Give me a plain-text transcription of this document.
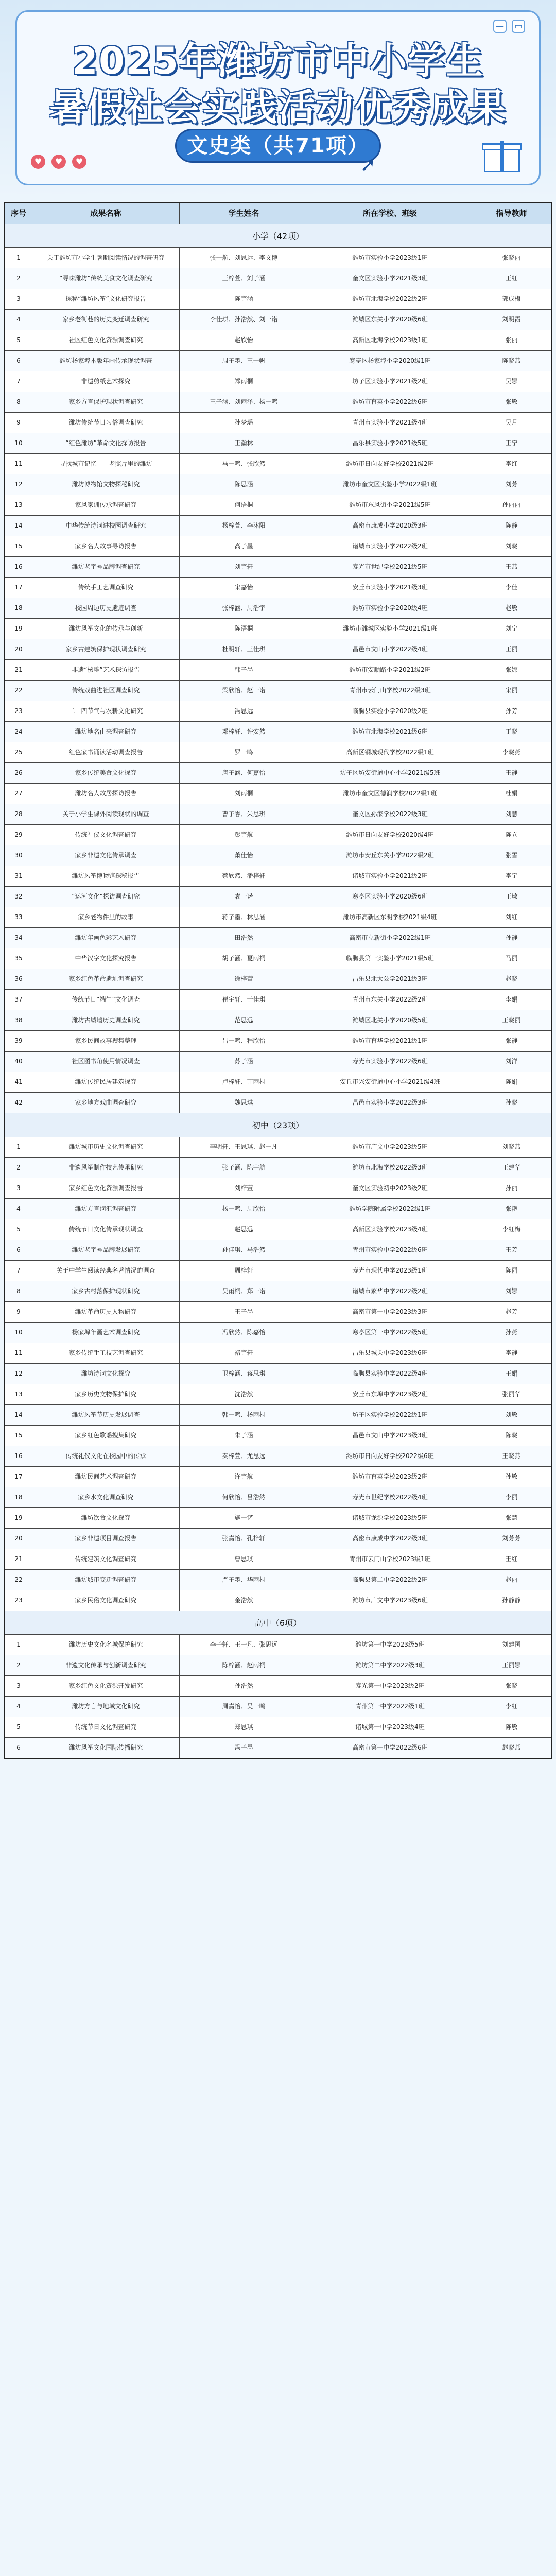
—	▭
2025年潍坊市中小学生
暑假社会实践活动优秀成果
文史类（共71项）
➚
♥	♥	♥
序号	成果名称	学生姓名	所在学校、班级	指导教师
小学（42项）
1	关于潍坊市小学生暑期阅读情况的调查研究	张一航、刘思远、李文博	潍坊市实验小学2023级1班	张晓丽
2	“寻味潍坊”传统美食文化调查研究	王梓萱、刘子涵	奎文区实验小学2021级3班	王红
3	探秘“潍坊风筝”文化研究报告	陈宇涵	潍坊市北海学校2022级2班	郭成梅
4	家乡老街巷的历史变迁调查研究	李佳琪、孙浩然、刘一诺	潍城区东关小学2020级6班	刘明霞
5	社区红色文化资源调查研究	赵欣怡	高新区北海学校2023级1班	张丽
6	潍坊杨家埠木版年画传承现状调查	周子墨、王一帆	寒亭区杨家埠小学2020级1班	陈晓燕
7	非遗剪纸艺术探究	郑雨桐	坊子区实验小学2021级2班	吴娜
8	家乡方言保护现状调查研究	王子涵、刘雨泽、杨一鸣	潍坊市育英小学2022级6班	张敏
9	潍坊传统节日习俗调查研究	孙梦瑶	青州市实验小学2021级4班	吴月
10	“红色潍坊”革命文化探访报告	王瀚林	昌乐县实验小学2021级5班	王宁
11	寻找城市记忆——老照片里的潍坊	马一鸣、张欣然	潍坊市日向友好学校2021级2班	李红
12	潍坊博物馆文物探秘研究	陈思涵	潍坊市奎文区实验小学2022级1班	刘芳
13	家风家训传承调查研究	何语桐	潍坊市东风街小学2021级5班	孙丽丽
14	中华传统诗词进校园调查研究	杨梓萱、李沐阳	高密市康成小学2020级3班	陈静
15	家乡名人故事寻访报告	高子墨	诸城市实验小学2022级2班	刘晓
16	潍坊老字号品牌调查研究	刘宇轩	寿光市世纪学校2021级5班	王燕
17	传统手工艺调查研究	宋嘉怡	安丘市实验小学2021级3班	李佳
18	校园周边历史遗迹调查	张梓涵、周浩宇	潍坊市实验小学2020级4班	赵敏
19	潍坊风筝文化的传承与创新	陈语桐	潍坊市潍城区实验小学2021级1班	刘宁
20	家乡古建筑保护现状调查研究	杜明轩、王佳琪	昌邑市文山小学2022级4班	王丽
21	非遗“核雕”艺术探访报告	韩子墨	潍坊市安顺路小学2021级2班	张娜
22	传统戏曲进社区调查研究	梁欣怡、赵一诺	青州市云门山学校2022级3班	宋丽
23	二十四节气与农耕文化研究	冯思远	临朐县实验小学2020级2班	孙芳
24	潍坊地名由来调查研究	邓梓轩、许安然	潍坊市北海学校2021级6班	于晓
25	红色家书诵读活动调查报告	罗一鸣	高新区钢城现代学校2022级1班	李晓燕
26	家乡传统美食文化探究	唐子涵、何嘉怡	坊子区坊安街道中心小学2021级5班	王静
27	潍坊名人故居探访报告	刘雨桐	潍坊市奎文区德润学校2022级1班	杜娟
28	关于小学生课外阅读现状的调查	曹子睿、朱思琪	奎文区孙家学校2022级3班	刘慧
29	传统礼仪文化调查研究	彭宇航	潍坊市日向友好学校2020级4班	陈立
30	家乡非遗文化传承调查	萧佳怡	潍坊市安丘东关小学2022级2班	张雪
31	潍坊风筝博物馆探秘报告	蔡欣然、潘梓轩	诸城市实验小学2021级2班	李宁
32	“运河文化”探访调查研究	袁一诺	寒亭区实验小学2020级6班	王敏
33	家乡老物件里的故事	蒋子墨、林思涵	潍坊市高新区东明学校2021级4班	刘红
34	潍坊年画色彩艺术研究	田浩然	高密市立新街小学2022级1班	孙静
35	中华汉字文化探究报告	胡子涵、夏雨桐	临朐县第一实验小学2021级5班	马丽
36	家乡红色革命遗址调查研究	徐梓萱	昌乐县北大公学2021级3班	赵晓
37	传统节日“端午”文化调查	崔宇轩、于佳琪	青州市东关小学2022级2班	李娟
38	潍坊古城墙历史调查研究	范思远	潍城区北关小学2020级5班	王晓丽
39	家乡民间故事搜集整理	吕一鸣、程欣怡	潍坊市育华学校2021级1班	张静
40	社区图书角使用情况调查	苏子涵	寿光市实验小学2022级6班	刘洋
41	潍坊传统民居建筑探究	卢梓轩、丁雨桐	安丘市兴安街道中心小学2021级4班	陈娟
42	家乡地方戏曲调查研究	魏思琪	昌邑市实验小学2022级3班	孙晓
初中（23项）
1	潍坊城市历史文化调查研究	李明轩、王思琪、赵一凡	潍坊市广文中学2023级5班	刘晓燕
2	非遗风筝制作技艺传承研究	张子涵、陈宇航	潍坊市北海学校2022级3班	王建华
3	家乡红色文化资源调查报告	刘梓萱	奎文区实验初中2023级2班	孙丽
4	潍坊方言词汇调查研究	杨一鸣、周欣怡	潍坊学院附属学校2022级1班	张艳
5	传统节日文化传承现状调查	赵思远	高新区实验学校2023级4班	李红梅
6	潍坊老字号品牌发展研究	孙佳琪、马浩然	青州市实验中学2022级6班	王芳
7	关于中学生阅读经典名著情况的调查	周梓轩	寿光市现代中学2023级1班	陈丽
8	家乡古村落保护现状研究	吴雨桐、郑一诺	诸城市繁华中学2022级2班	刘娜
9	潍坊革命历史人物研究	王子墨	高密市第一中学2023级3班	赵芳
10	杨家埠年画艺术调查研究	冯欣然、陈嘉怡	寒亭区第一中学2022级5班	孙燕
11	家乡传统手工技艺调查研究	褚宇轩	昌乐县城关中学2023级6班	李静
12	潍坊诗词文化探究	卫梓涵、蒋思琪	临朐县实验中学2022级4班	王娟
13	家乡历史文物保护研究	沈浩然	安丘市东埠中学2023级2班	张丽华
14	潍坊风筝节历史发展调查	韩一鸣、杨雨桐	坊子区实验学校2022级1班	刘敏
15	家乡红色歌谣搜集研究	朱子涵	昌邑市文山中学2023级3班	陈晓
16	传统礼仪文化在校园中的传承	秦梓萱、尤思远	潍坊市日向友好学校2022级6班	王晓燕
17	潍坊民间艺术调查研究	许宇航	潍坊市育英学校2023级2班	孙敏
18	家乡水文化调查研究	何欣怡、吕浩然	寿光市世纪学校2022级4班	李丽
19	潍坊饮食文化探究	施一诺	诸城市龙源学校2023级5班	张慧
20	家乡非遗项目调查报告	张嘉怡、孔梓轩	高密市康成中学2022级3班	刘芳芳
21	传统建筑文化调查研究	曹思琪	青州市云门山学校2023级1班	王红
22	潍坊城市变迁调查研究	严子墨、华雨桐	临朐县第二中学2022级2班	赵丽
23	家乡民俗文化调查研究	金浩然	潍坊市广文中学2023级6班	孙静静
高中（6项）
1	潍坊历史文化名城保护研究	李子轩、王一凡、张思远	潍坊第一中学2023级5班	刘建国
2	非遗文化传承与创新调查研究	陈梓涵、赵雨桐	潍坊第二中学2022级3班	王丽娜
3	家乡红色文化资源开发研究	孙浩然	寿光第一中学2023级2班	张晓
4	潍坊方言与地域文化研究	周嘉怡、吴一鸣	青州第一中学2022级1班	李红
5	传统节日文化调查研究	郑思琪	诸城第一中学2023级4班	陈敏
6	潍坊风筝文化国际传播研究	冯子墨	高密市第一中学2022级6班	赵晓燕
